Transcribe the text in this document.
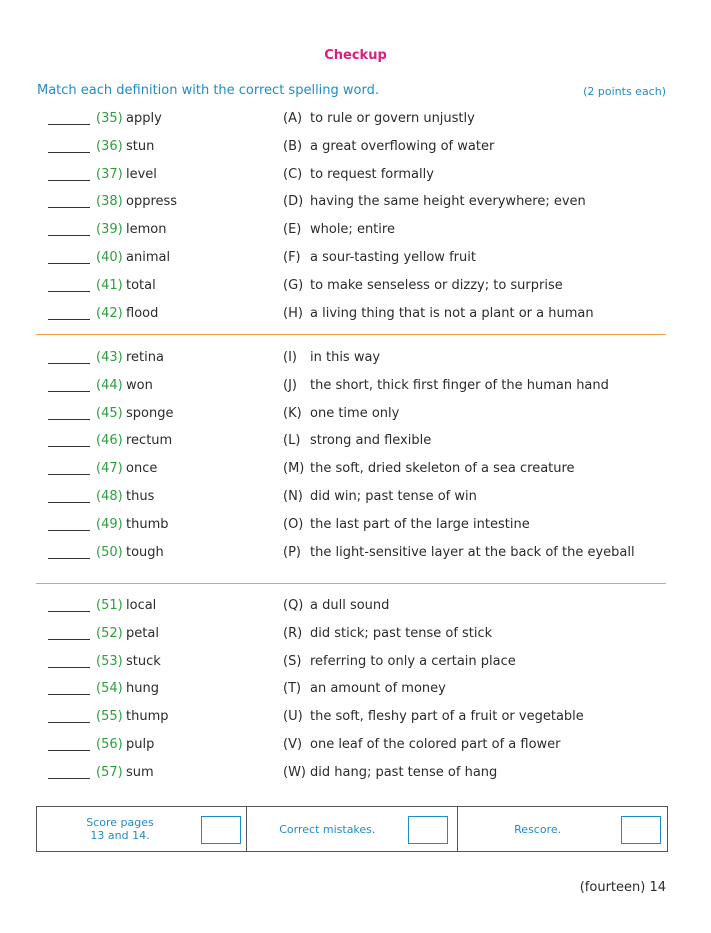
Checkup
Match each definition with the correct spelling word.	(2 points each)
(35) apply	(A) to rule or govern unjustly
(36) stun	(B) a great overflowing of water
(37) level	(C) to request formally
(38) oppress	(D) having the same height everywhere; even
(39) lemon	(E) whole; entire
(40) animal	(F) a sour-tasting yellow fruit
(41) total	(G) to make senseless or dizzy; to surprise
(42) flood	(H) a living thing that is not a plant or a human
(43) retina	(I) in this way
(44) won	(J) the short, thick first finger of the human hand
(45) sponge	(K) one time only
(46) rectum	(L) strong and flexible
(47) once	(M) the soft, dried skeleton of a sea creature
(48) thus	(N) did win; past tense of win
(49) thumb	(O) the last part of the large intestine
(50) tough	(P) the light-sensitive layer at the back of the eyeball
(51) local	(Q) a dull sound
(52) petal	(R) did stick; past tense of stick
(53) stuck	(S) referring to only a certain place
(54) hung	(T) an amount of money
(55) thump	(U) the soft, fleshy part of a fruit or vegetable
(56) pulp	(V) one leaf of the colored part of a flower
(57) sum	(W) did hang; past tense of hang
Score pages
13 and 14.	Correct mistakes.	Rescore.
(fourteen) 14
